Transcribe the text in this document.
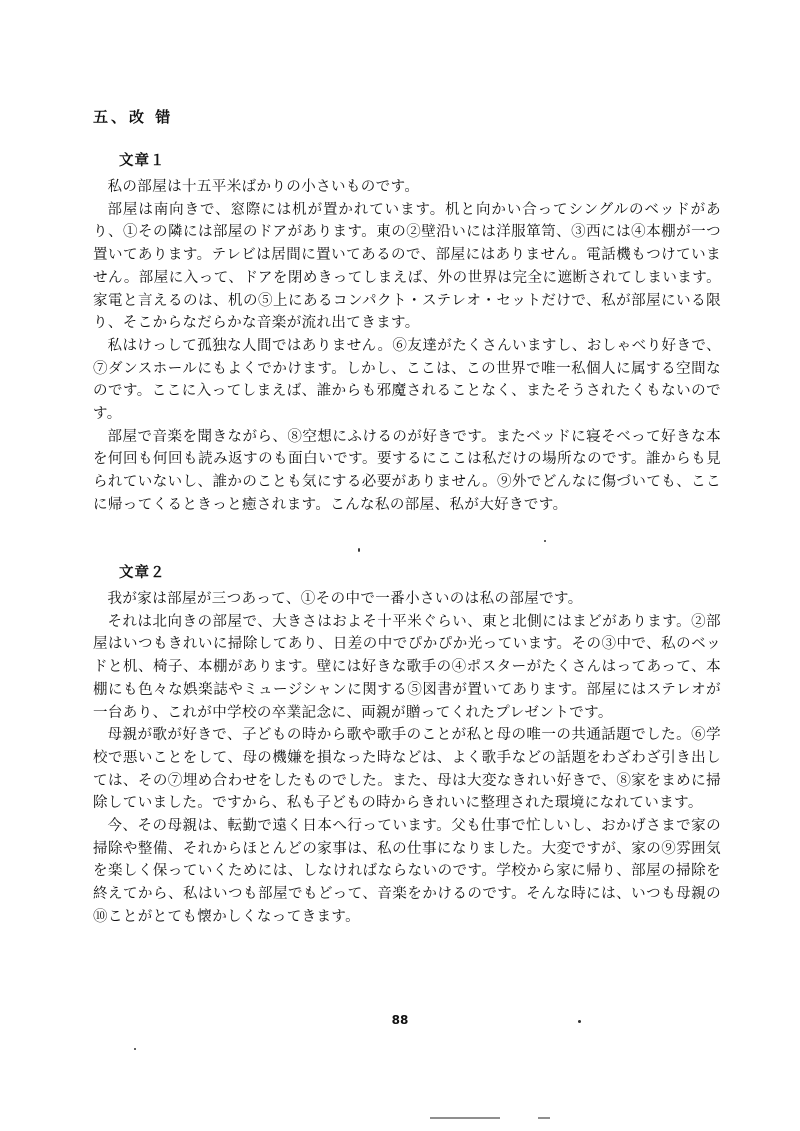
五、改 错
文章１

私の部屋は十五平米ばかりの小さいものです。

部屋は南向きで、窓際には机が置かれています。机と向かい合ってシングルのベッドがあり、①その隣には部屋のドアがあります。東の②壁沿いには洋服箪笥、③西には④本棚が一つ置いてあります。テレビは居間に置いてあるので、部屋にはありません。電話機もつけていません。部屋に入って、ドアを閉めきってしまえば、外の世界は完全に遮断されてしまいます。家電と言えるのは、机の⑤上にあるコンパクト・ステレオ・セットだけで、私が部屋にいる限り、そこからなだらかな音楽が流れ出てきます。

私はけっして孤独な人間ではありません。⑥友達がたくさんいますし、おしゃべり好きで、⑦ダンスホールにもよくでかけます。しかし、ここは、この世界で唯一私個人に属する空間なのです。ここに入ってしまえば、誰からも邪魔されることなく、またそうされたくもないのです。

部屋で音楽を聞きながら、⑧空想にふけるのが好きです。またベッドに寝そべって好きな本を何回も何回も読み返すのも面白いです。要するにここは私だけの場所なのです。誰からも見られていないし、誰かのことも気にする必要がありません。⑨外でどんなに傷づいても、ここに帰ってくるときっと癒されます。こんな私の部屋、私が大好きです。

文章２

我が家は部屋が三つあって、①その中で一番小さいのは私の部屋です。

それは北向きの部屋で、大きさはおよそ十平米ぐらい、東と北側にはまどがあります。②部屋はいつもきれいに掃除してあり、日差の中でぴかぴか光っています。その③中で、私のベッドと机、椅子、本棚があります。壁には好きな歌手の④ポスターがたくさんはってあって、本棚にも色々な娯楽誌やミュージシャンに関する⑤図書が置いてあります。部屋にはステレオが一台あり、これが中学校の卒業記念に、両親が贈ってくれたプレゼントです。

母親が歌が好きで、子どもの時から歌や歌手のことが私と母の唯一の共通話題でした。⑥学校で悪いことをして、母の機嫌を損なった時などは、よく歌手などの話題をわざわざ引き出しては、その⑦埋め合わせをしたものでした。また、母は大変なきれい好きで、⑧家をまめに掃除していました。ですから、私も子どもの時からきれいに整理された環境になれています。

今、その母親は、転勤で遠く日本へ行っています。父も仕事で忙しいし、おかげさまで家の掃除や整備、それからほとんどの家事は、私の仕事になりました。大変ですが、家の⑨雰囲気を楽しく保っていくためには、しなければならないのです。学校から家に帰り、部屋の掃除を終えてから、私はいつも部屋でもどって、音楽をかけるのです。そんな時には、いつも母親の⑩ことがとても懐かしくなってきます。

88
